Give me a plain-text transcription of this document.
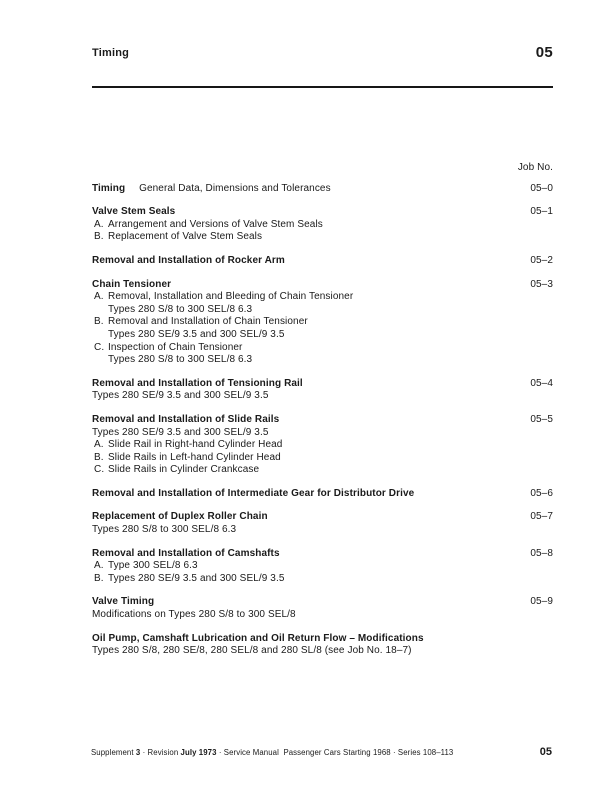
Timing	05
Job No.
Timing General Data, Dimensions and Tolerances	05–0
Valve Stem Seals	05–1
A. Arrangement and Versions of Valve Stem Seals
B. Replacement of Valve Stem Seals
Removal and Installation of Rocker Arm	05–2
Chain Tensioner	05–3
A. Removal, Installation and Bleeding of Chain Tensioner
Types 280 S/8 to 300 SEL/8 6.3
B. Removal and Installation of Chain Tensioner
Types 280 SE/9 3.5 and 300 SEL/9 3.5
C. Inspection of Chain Tensioner
Types 280 S/8 to 300 SEL/8 6.3
Removal and Installation of Tensioning Rail	05–4
Types 280 SE/9 3.5 and 300 SEL/9 3.5
Removal and Installation of Slide Rails	05–5
Types 280 SE/9 3.5 and 300 SEL/9 3.5
A. Slide Rail in Right-hand Cylinder Head
B. Slide Rails in Left-hand Cylinder Head
C. Slide Rails in Cylinder Crankcase
Removal and Installation of Intermediate Gear for Distributor Drive	05–6
Replacement of Duplex Roller Chain	05–7
Types 280 S/8 to 300 SEL/8 6.3
Removal and Installation of Camshafts	05–8
A. Type 300 SEL/8 6.3
B. Types 280 SE/9 3.5 and 300 SEL/9 3.5
Valve Timing	05–9
Modifications on Types 280 S/8 to 300 SEL/8
Oil Pump, Camshaft Lubrication and Oil Return Flow – Modifications
Types 280 S/8, 280 SE/8, 280 SEL/8 and 280 SL/8 (see Job No. 18–7)
Supplement 3 · Revision July 1973 · Service Manual  Passenger Cars Starting 1968 · Series 108–113	05
